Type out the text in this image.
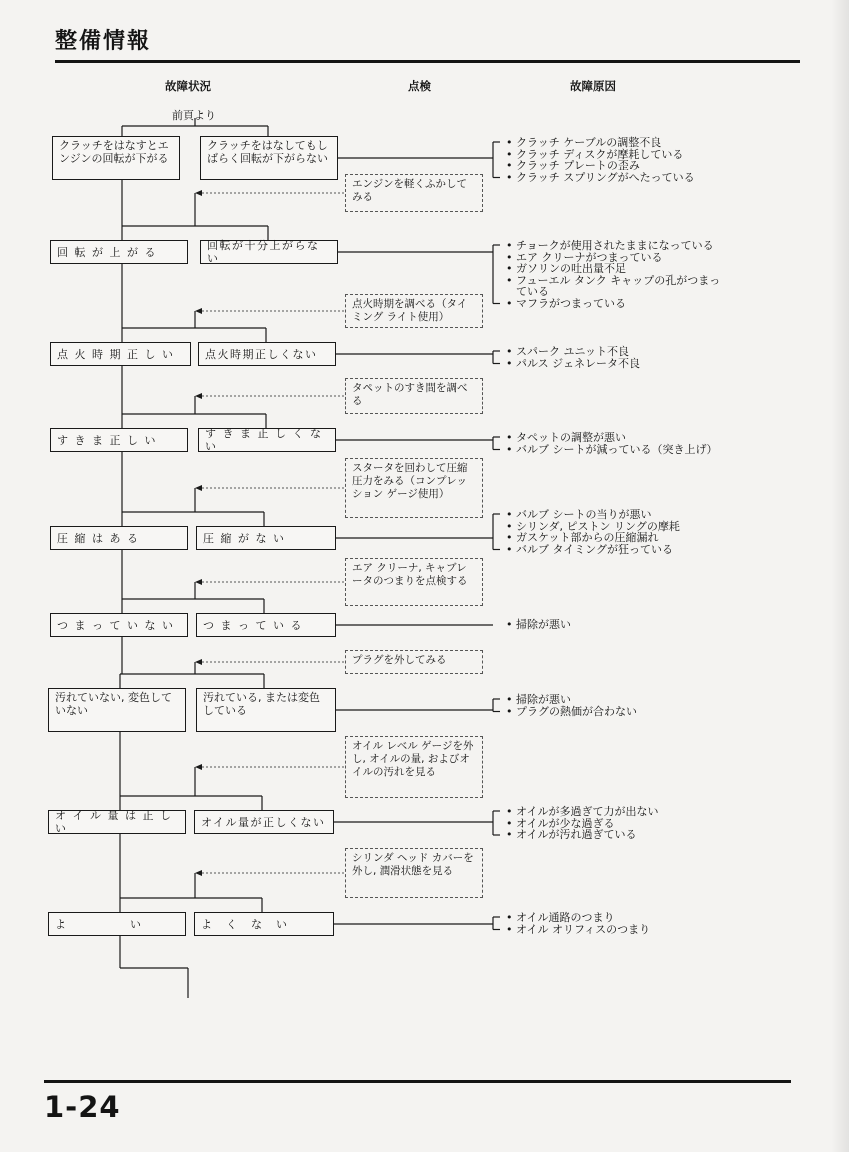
整備情報
故障状況	点検	故障原因
前頁より
クラッチをはなすとエンジンの回転が下がる
クラッチをはなしてもしばらく回転が下がらない
• クラッチ ケーブルの調整不良
• クラッチ ディスクが摩耗している
• クラッチ プレートの歪み
• クラッチ スプリングがへたっている
エンジンを軽くふかしてみる
回 転 が 上 が る	回転が十分上がらない
• チョークが使用されたままになっている
• エア クリーナがつまっている
• ガソリンの吐出量不足
• フューエル タンク キャップの孔がつまっ
ている
• マフラがつまっている
点火時期を調べる（タイミング ライト使用）
点 火 時 期 正 し い	点火時期正しくない	• スパーク ユニット不良
• パルス ジェネレータ不良
タペットのすき間を調べる
す き ま 正 し い	す き ま 正 し く な い
• タペットの調整が悪い
• バルブ シートが減っている（突き上げ）
スタータを回わして圧縮圧力をみる（コンプレッション ゲージ使用）
圧 縮 は あ る	圧 縮 が な い
• バルブ シートの当りが悪い
• シリンダ, ピストン リングの摩耗
• ガスケット部からの圧縮漏れ
• バルブ タイミングが狂っている
エア クリーナ, キャブレータのつまりを点検する
つ ま っ て い な い	つ ま っ て い る	• 掃除が悪い
プラグを外してみる
汚れていない, 変色していない
汚れている, または変色している
• 掃除が悪い
• プラグの熱価が合わない
オイル レベル ゲージを外し, オイルの量, およびオイルの汚れを見る
オ イ ル 量 は 正 し い	オイル量が正しくない
• オイルが多過ぎて力が出ない
• オイルが少な過ぎる
• オイルが汚れ過ぎている
シリンダ ヘッド カバーを外し, 潤滑状態を見る
よ　　　　　い	よ　く　な　い	• オイル通路のつまり
• オイル オリフィスのつまり
1-24
